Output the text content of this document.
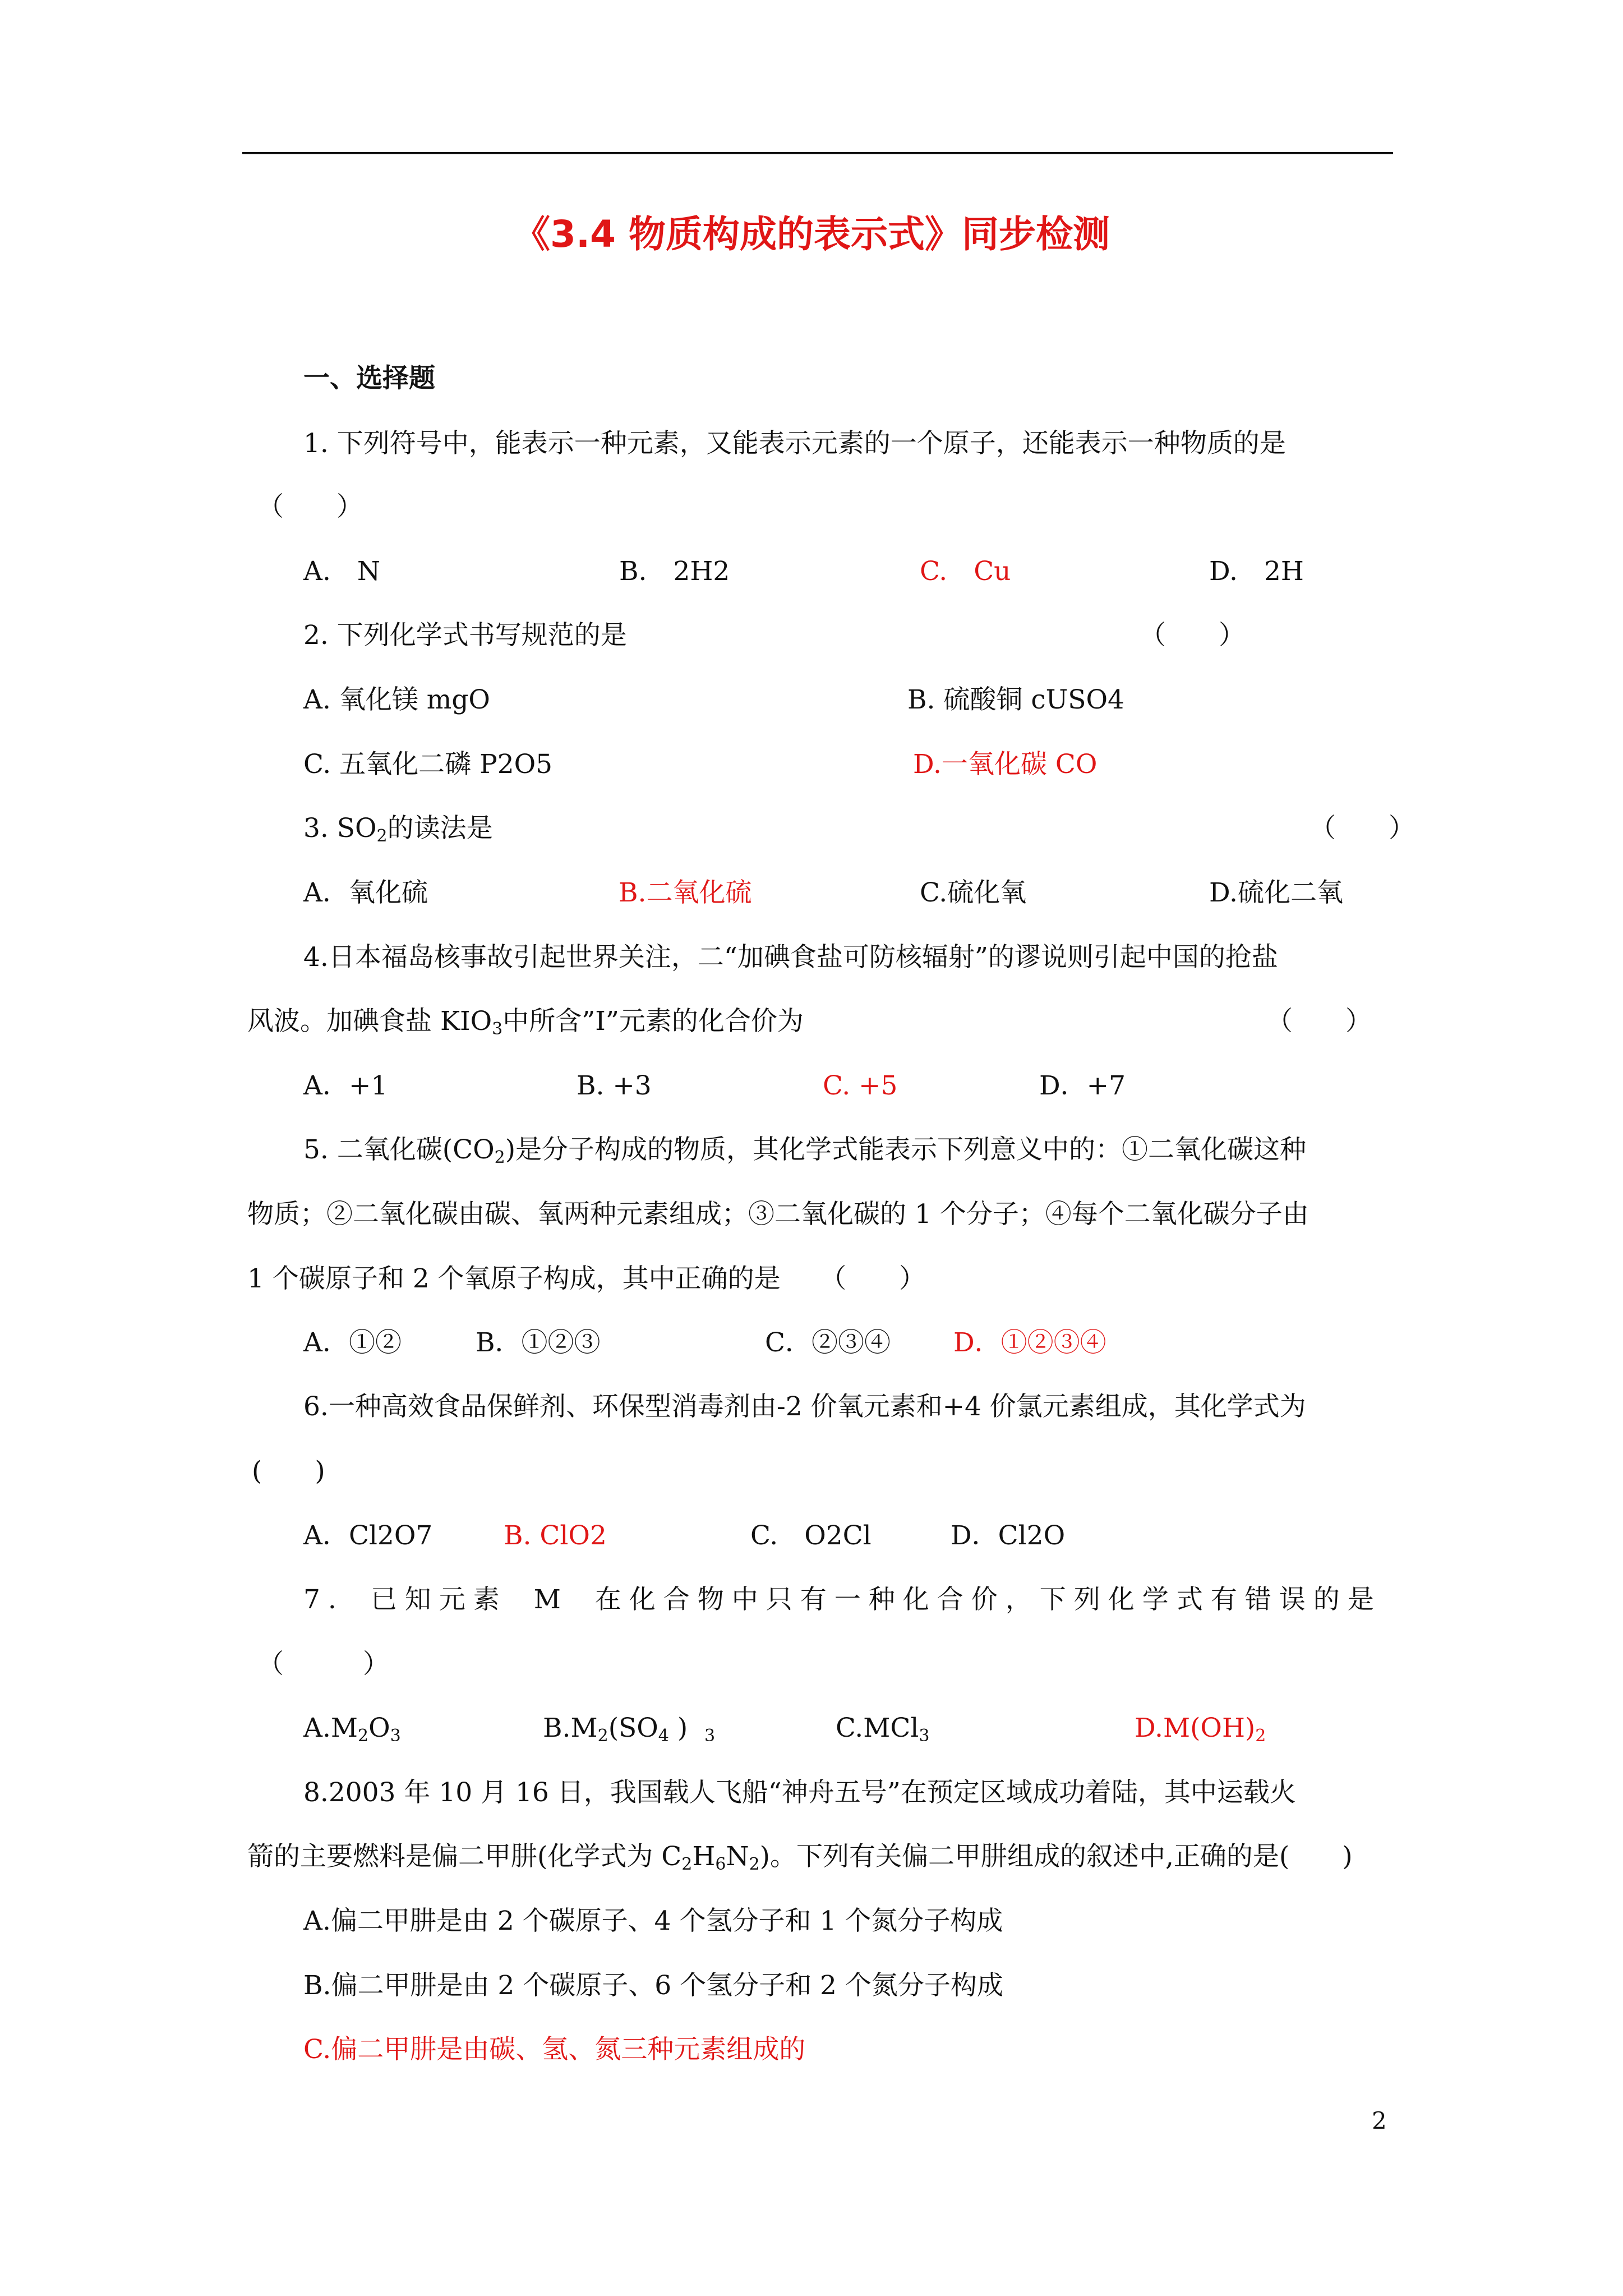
《3.4 物质构成的表示式》同步检测
一、选择题
1. 下列符号中，能表示一种元素，又能表示元素的一个原子，还能表示一种物质的是
（　　）
A.　N	B.　2H2	C.　Cu	D.　2H
2. 下列化学式书写规范的是	（　　）
A. 氧化镁 mgO	B. 硫酸铜 cUSO4
C. 五氧化二磷 P2O5	D.一氧化碳 CO
3. $SO_2$的读法是	（　　）
A．氧化硫	B.二氧化硫	C.硫化氧	D.硫化二氧
4.日本福岛核事故引起世界关注，二“加碘食盐可防核辐射”的谬说则引起中国的抢盐
风波。加碘食盐 $KIO_3$中所含”I”元素的化合价为	（　　）
A．+1	B. +3	C. +5	D．+7
5. 二氧化碳$(CO_2)$是分子构成的物质，其化学式能表示下列意义中的：①二氧化碳这种
物质；②二氧化碳由碳、氧两种元素组成；③二氧化碳的 1 个分子；④每个二氧化碳分子由
1 个碳原子和 2 个氧原子构成，其中正确的是　　（　　）
A．①②	B．①②③	C．②③④ D．①②③④
6.一种高效食品保鲜剂、环保型消毒剂由-2 价氧元素和+4 价氯元素组成，其化学式为
(　　)
A．Cl2O7	B. ClO2	C.　O2Cl	D．Cl2O
7. 已知元素 M 在化合物中只有一种化合价，下列化学式有错误的是
（　　　）
$A.M_2O_3$	$B.M_2(SO_4$ ) $_3$	C.MCl$_3$	$D.M(OH)_2$
8.2003 年 10 月 16 日，我国载人飞船“神舟五号”在预定区域成功着陆，其中运载火
箭的主要燃料是偏二甲肼(化学式为 $C_2H_6N_2$)。下列有关偏二甲肼组成的叙述中,正确的是(　　)
A.偏二甲肼是由 2 个碳原子、4 个氢分子和 1 个氮分子构成
B.偏二甲肼是由 2 个碳原子、6 个氢分子和 2 个氮分子构成
C.偏二甲肼是由碳、氢、氮三种元素组成的
2
